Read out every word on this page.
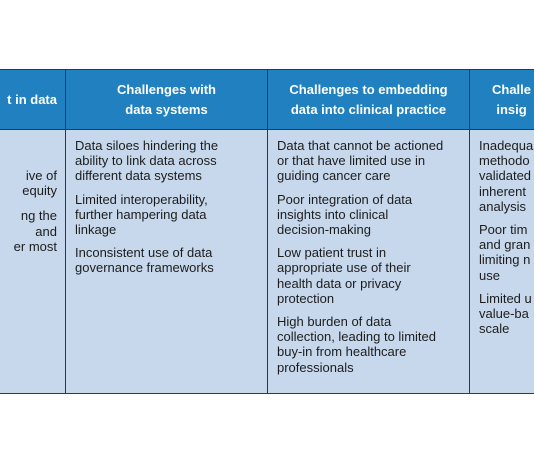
t in data
Challenges with
data systems
Challenges to embedding
data into clinical practice
Challe
insig
ive of
equity
ng the
and
er most
Data siloes hindering the
ability to link data across
different data systems
Limited interoperability,
further hampering data
linkage
Inconsistent use of data
governance frameworks
Data that cannot be actioned
or that have limited use in
guiding cancer care
Poor integration of data
insights into clinical
decision-making
Low patient trust in
appropriate use of their
health data or privacy
protection
High burden of data
collection, leading to limited
buy-in from healthcare
professionals
Inadequa
methodo
validated
inherent
analysis
Poor tim
and gran
limiting n
use
Limited u
value-ba
scale
